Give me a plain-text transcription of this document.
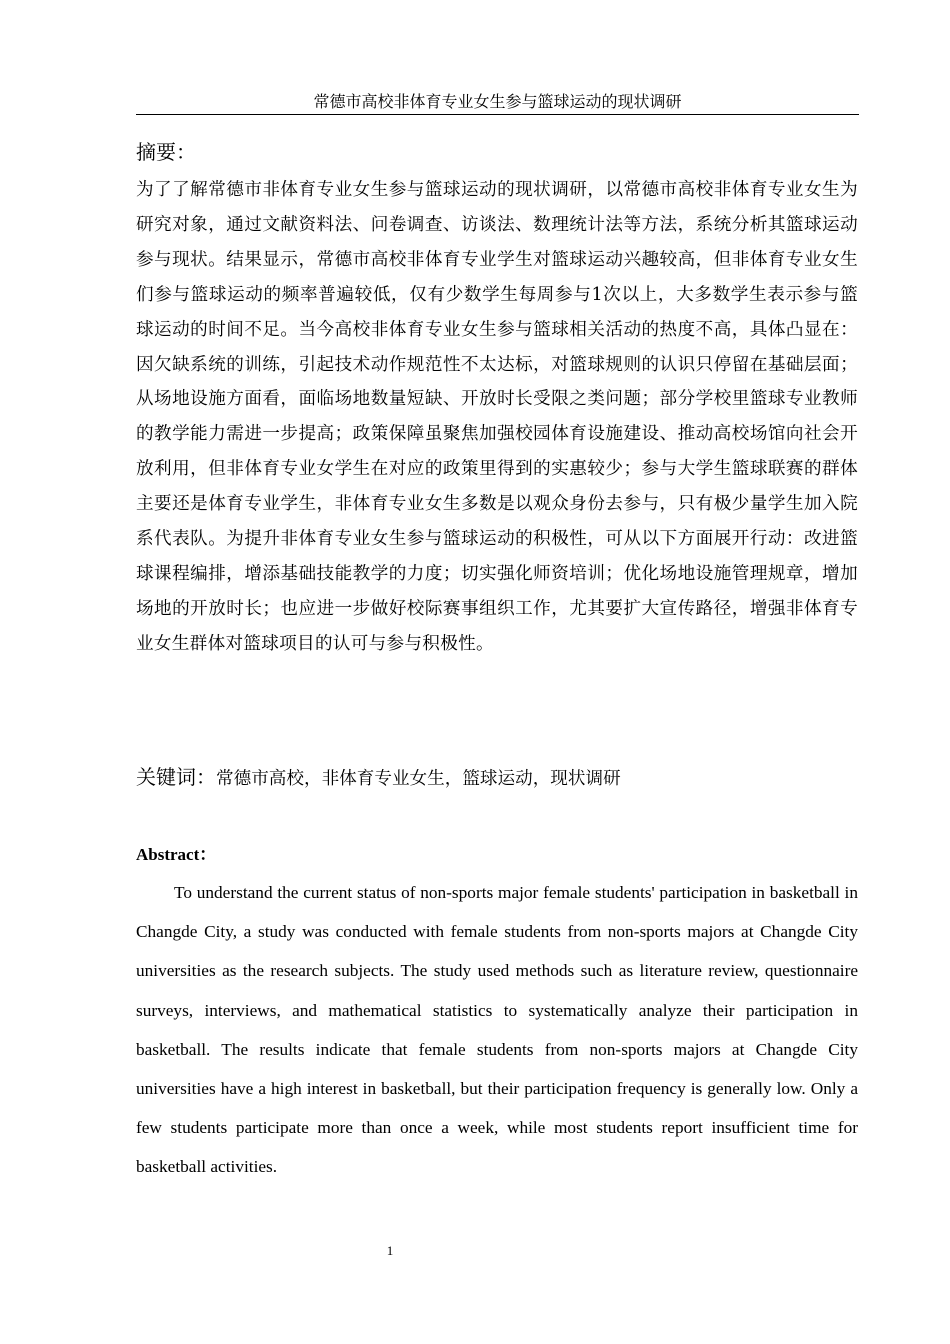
常德市高校非体育专业女生参与篮球运动的现状调研
摘要：
为了了解常德市非体育专业女生参与篮球运动的现状调研，以常德市高校非体育专业女生为研究对象，通过文献资料法、问卷调查、访谈法、数理统计法等方法，系统分析其篮球运动参与现状。结果显示，常德市高校非体育专业学生对篮球运动兴趣较高，但非体育专业女生们参与篮球运动的频率普遍较低，仅有少数学生每周参与1次以上，大多数学生表示参与篮球运动的时间不足。当今高校非体育专业女生参与篮球相关活动的热度不高，具体凸显在：因欠缺系统的训练，引起技术动作规范性不太达标，对篮球规则的认识只停留在基础层面；从场地设施方面看，面临场地数量短缺、开放时长受限之类问题；部分学校里篮球专业教师的教学能力需进一步提高；政策保障虽聚焦加强校园体育设施建设、推动高校场馆向社会开放利用，但非体育专业女学生在对应的政策里得到的实惠较少；参与大学生篮球联赛的群体主要还是体育专业学生，非体育专业女生多数是以观众身份去参与，只有极少量学生加入院系代表队。为提升非体育专业女生参与篮球运动的积极性，可从以下方面展开行动：改进篮球课程编排，增添基础技能教学的力度；切实强化师资培训；优化场地设施管理规章，增加场地的开放时长；也应进一步做好校际赛事组织工作，尤其要扩大宣传路径，增强非体育专业女生群体对篮球项目的认可与参与积极性。
关键词：常德市高校，非体育专业女生，篮球运动，现状调研
Abstract：
To understand the current status of non-sports major female students' participation in basketball in Changde City, a study was conducted with female students from non-sports majors at Changde City universities as the research subjects. The study used methods such as literature review, questionnaire surveys, interviews, and mathematical statistics to systematically analyze their participation in basketball. The results indicate that female students from non-sports majors at Changde City universities have a high interest in basketball, but their participation frequency is generally low. Only a few students participate more than once a week, while most students report insufficient time for basketball activities.
1
